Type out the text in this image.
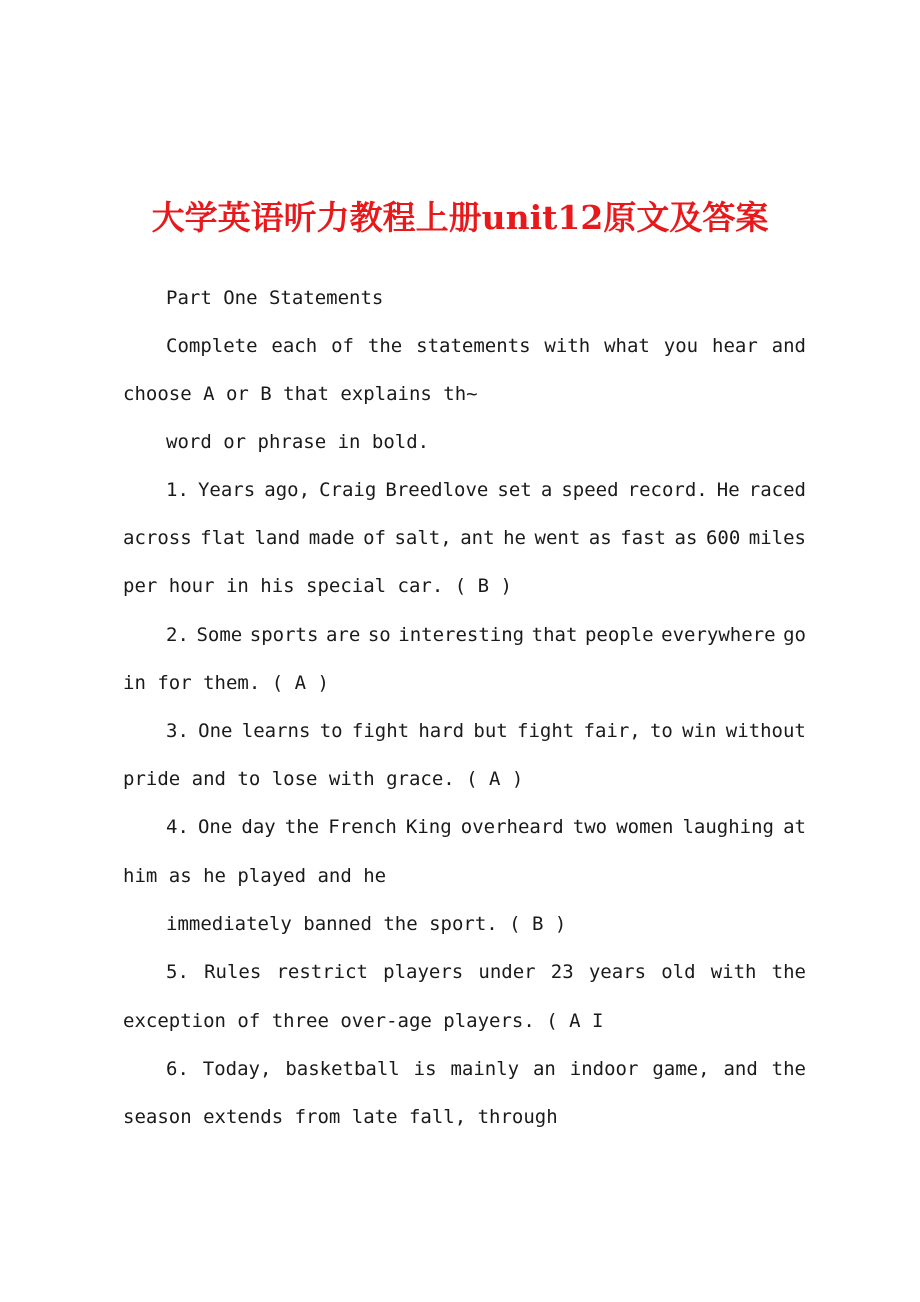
大学英语听力教程上册unit12原文及答案
Part One Statements
Complete each of the statements with what you hear and
choose A or B that explains th~
word or phrase in bold.
1. Years ago, Craig Breedlove set a speed record. He raced
across flat land made of salt, ant he went as fast as 600 miles
per hour in his special car. ( B )
2. Some sports are so interesting that people everywhere go
in for them. ( A )
3. One learns to fight hard but fight fair, to win without
pride and to lose with grace. ( A )
4. One day the French King overheard two women laughing at
him as he played and he
immediately banned the sport. ( B )
5. Rules restrict players under 23 years old with the
exception of three over-age players. ( A I
6. Today, basketball is mainly an indoor game, and the
season extends from late fall, through
